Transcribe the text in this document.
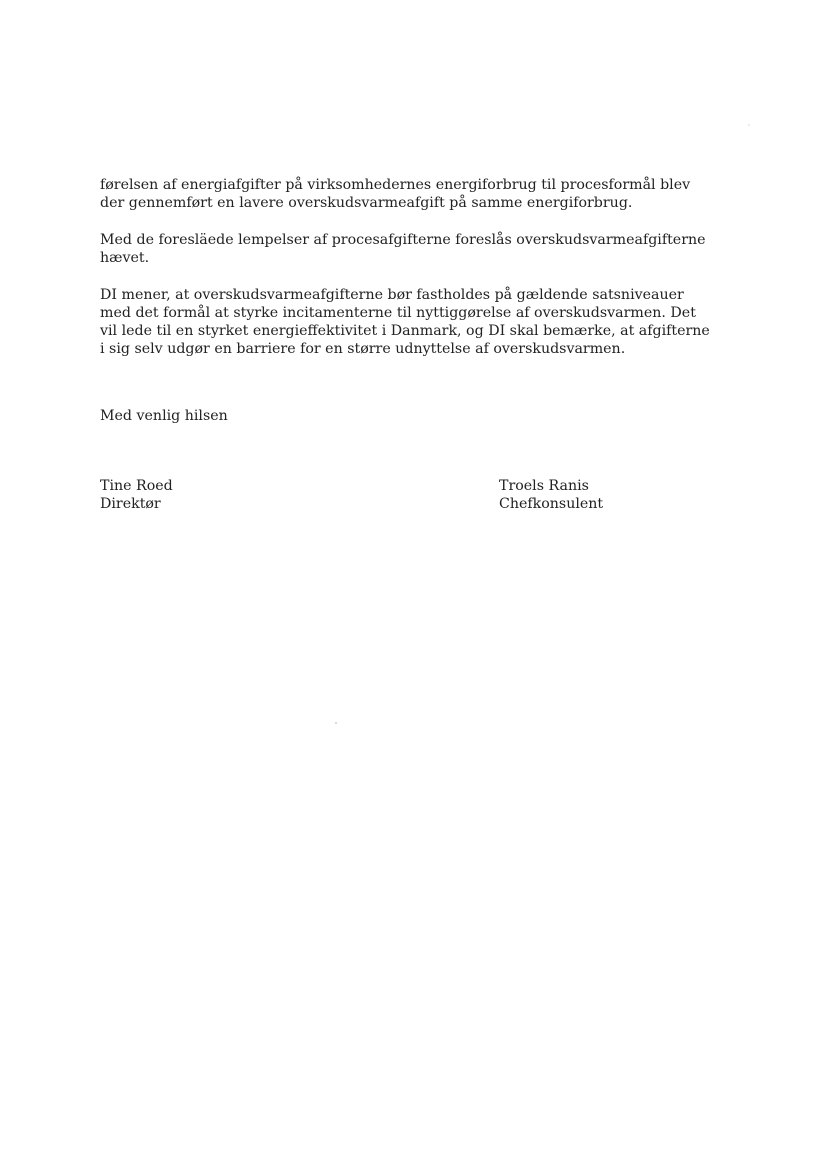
førelsen af energiafgifter på virksomhedernes energiforbrug til procesformål blev
der gennemført en lavere overskudsvarmeafgift på samme energiforbrug.

Med de foresläede lempelser af procesafgifterne foreslås overskudsvarmeafgifterne
hævet.

DI mener, at overskudsvarmeafgifterne bør fastholdes på gældende satsniveauer
med det formål at styrke incitamenterne til nyttiggørelse af overskudsvarmen. Det
vil lede til en styrket energieffektivitet i Danmark, og DI skal bemærke, at afgifterne
i sig selv udgør en barriere for en større udnyttelse af overskudsvarmen.

Med venlig hilsen

Tine Roed
Direktør
Troels Ranis
Chefkonsulent
